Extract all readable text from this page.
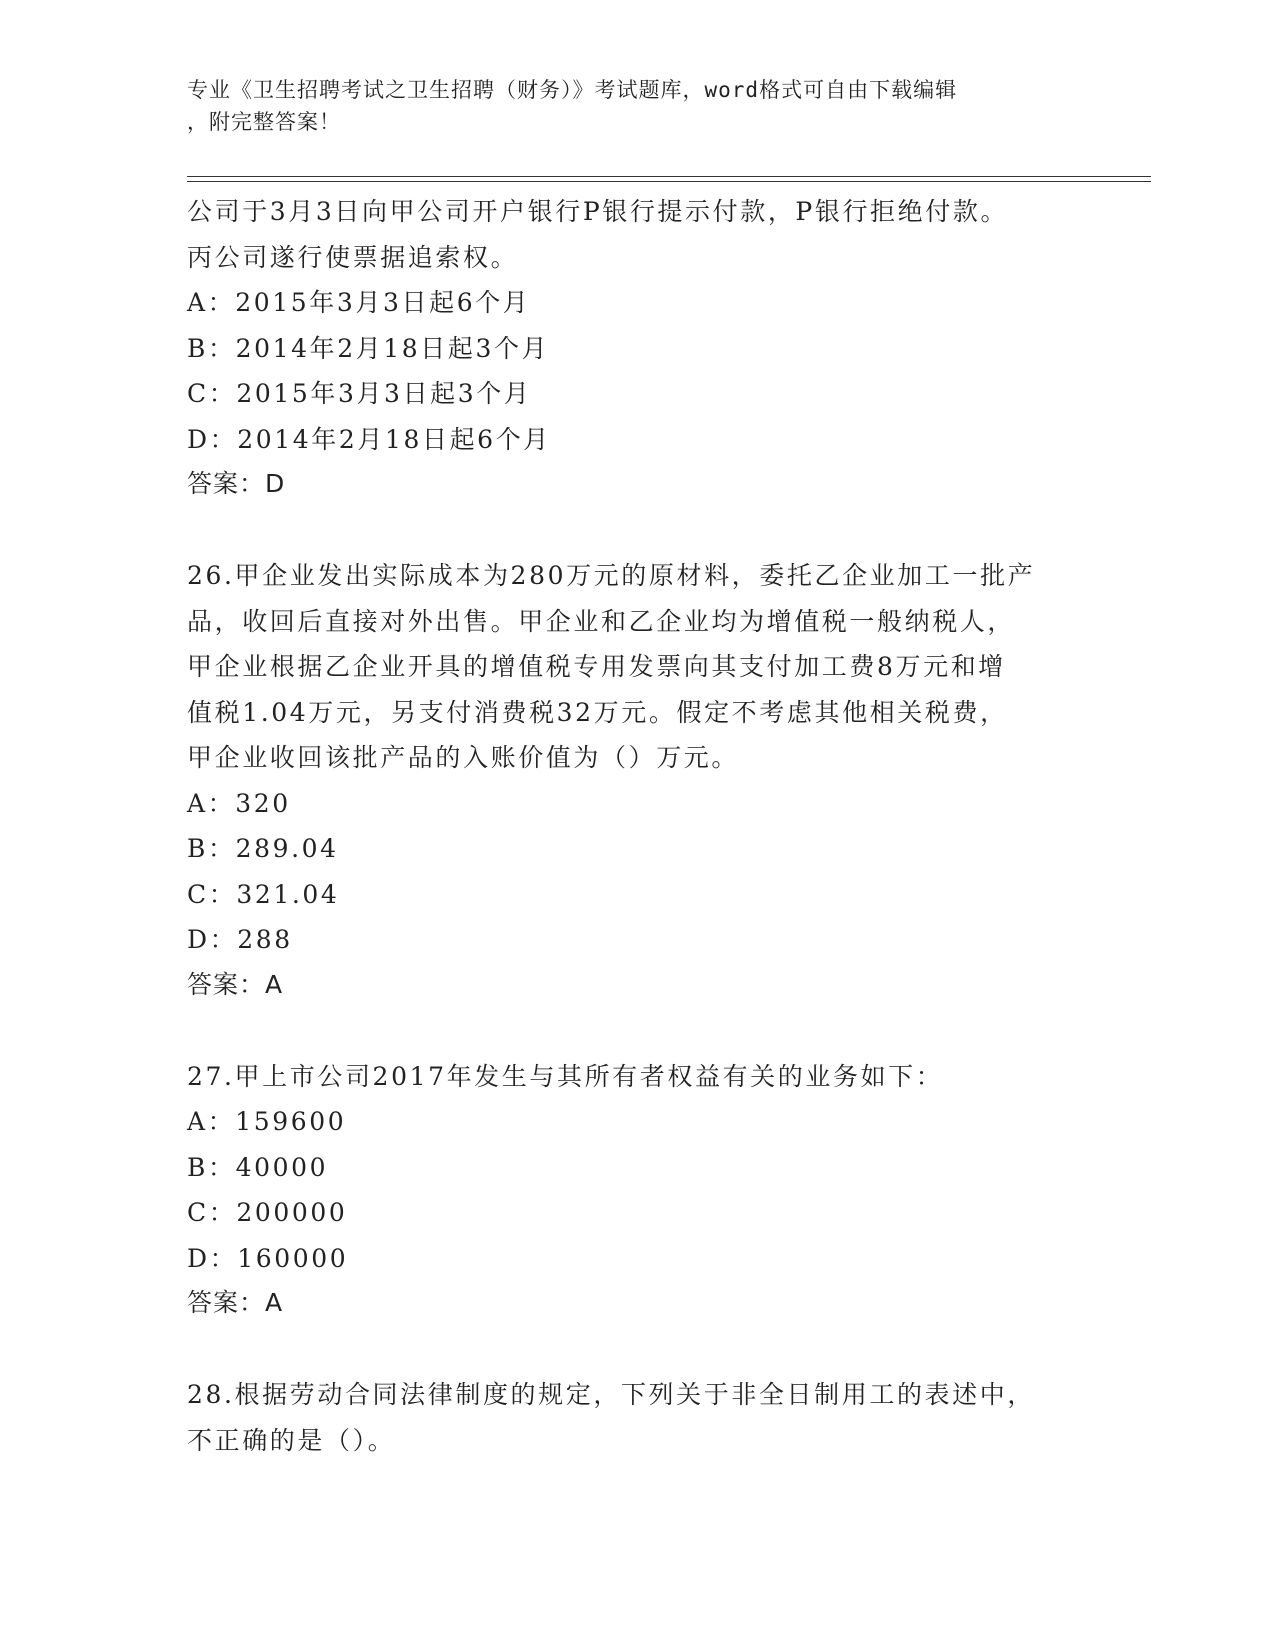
专业《卫生招聘考试之卫生招聘（财务）》考试题库，word格式可自由下载编辑
，附完整答案！
公司于3月3日向甲公司开户银行P银行提示付款，P银行拒绝付款。
丙公司遂行使票据追索权。
A：2015年3月3日起6个月
B：2014年2月18日起3个月
C：2015年3月3日起3个月
D：2014年2月18日起6个月
答案：D
26.甲企业发出实际成本为280万元的原材料，委托乙企业加工一批产
品，收回后直接对外出售。甲企业和乙企业均为增值税一般纳税人，
甲企业根据乙企业开具的增值税专用发票向其支付加工费8万元和增
值税1.04万元，另支付消费税32万元。假定不考虑其他相关税费，
甲企业收回该批产品的入账价值为（）万元。
A：320
B：289.04
C：321.04
D：288
答案：A
27.甲上市公司2017年发生与其所有者权益有关的业务如下：
A：159600
B：40000
C：200000
D：160000
答案：A
28.根据劳动合同法律制度的规定，下列关于非全日制用工的表述中，
不正确的是（）。
